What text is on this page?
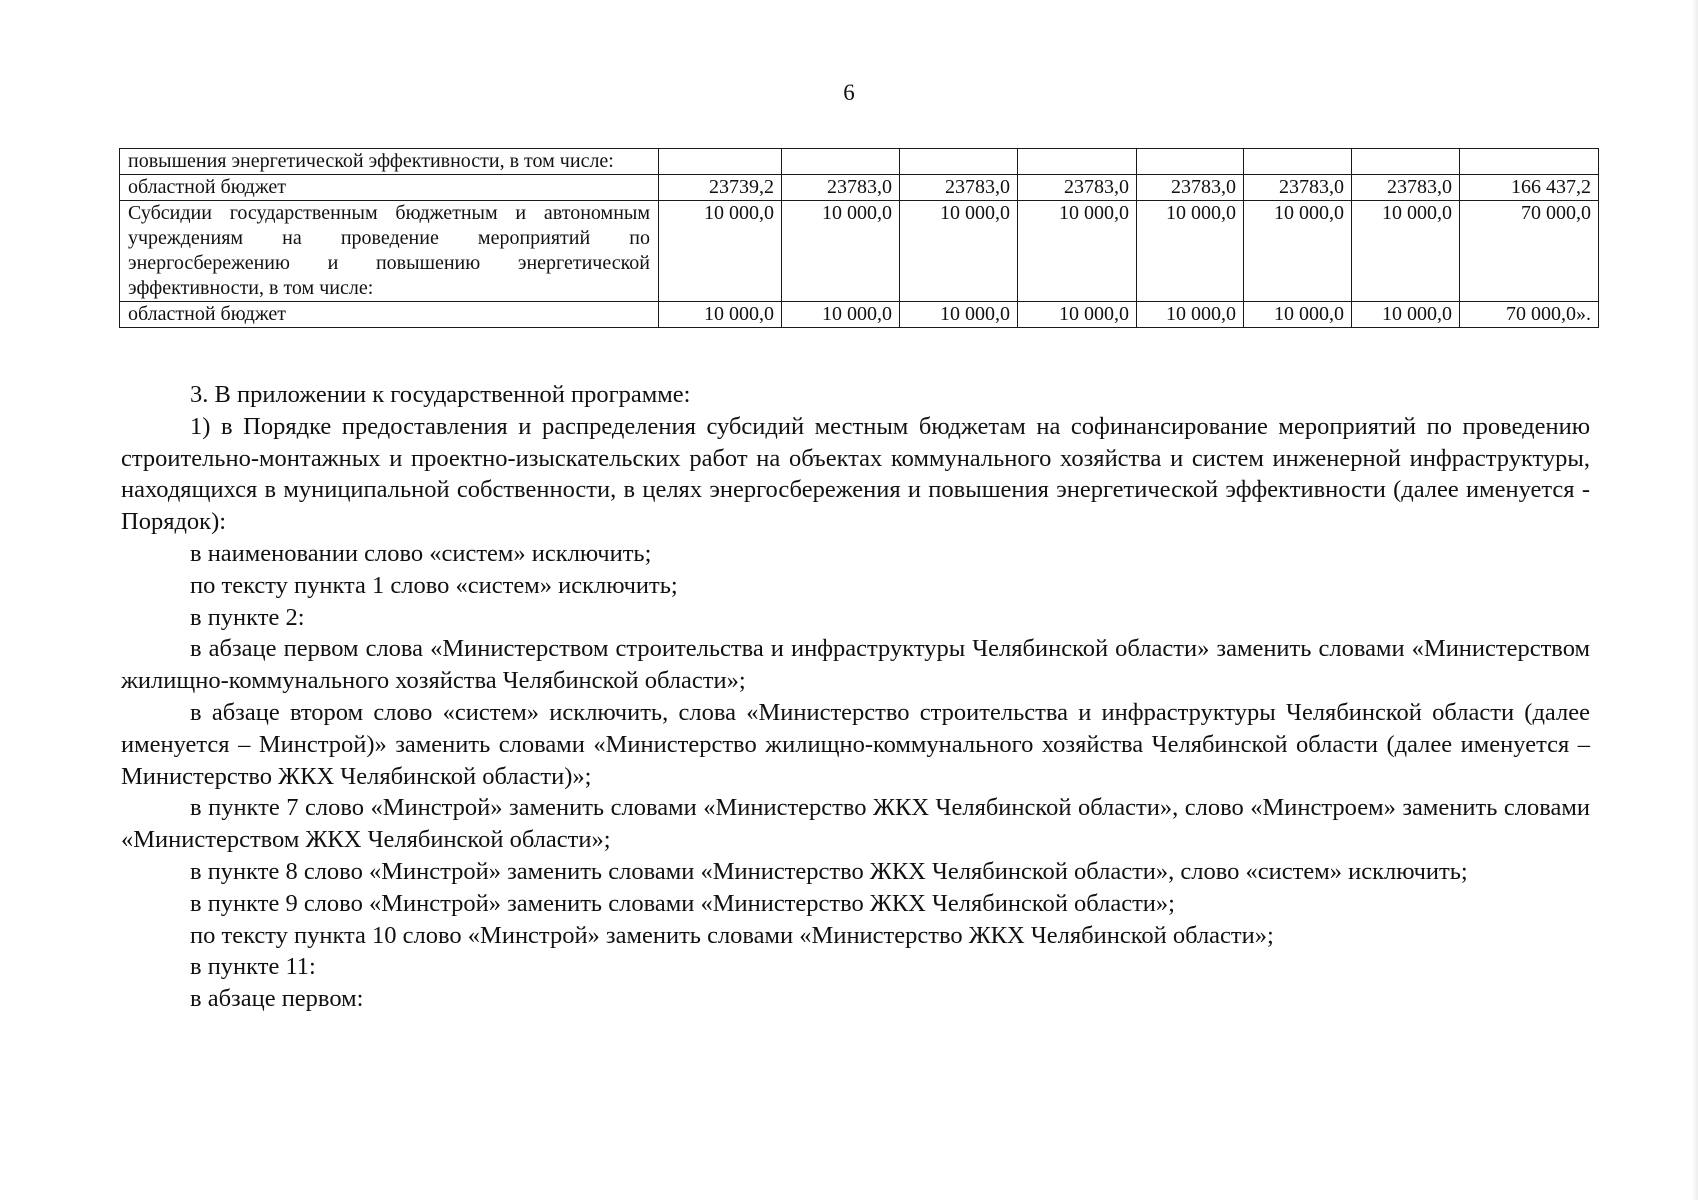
6
повышения энергетической эффективности, в том числе:								
областной бюджет	23739,2	23783,0	23783,0	23783,0	23783,0	23783,0	23783,0	166 437,2
Субсидии государственным бюджетным и автономным учреждениям на проведение мероприятий по энергосбережению и повышению энергетической эффективности, в том числе:	10 000,0	10 000,0	10 000,0	10 000,0	10 000,0	10 000,0	10 000,0	70 000,0
областной бюджет	10 000,0	10 000,0	10 000,0	10 000,0	10 000,0	10 000,0	10 000,0	70 000,0».

3. В приложении к государственной программе:

1) в Порядке предоставления и распределения субсидий местным бюджетам на софинансирование мероприятий по проведению строительно-монтажных и проектно-изыскательских работ на объектах коммунального хозяйства и систем инженерной инфраструктуры, находящихся в муниципальной собственности, в целях энергосбережения и повышения энергетической эффективности (далее именуется - Порядок):

в наименовании слово «систем» исключить;

по тексту пункта 1 слово «систем» исключить;

в пункте 2:

в абзаце первом слова «Министерством строительства и инфраструктуры Челябинской области» заменить словами «Министерством жилищно-коммунального хозяйства Челябинской области»;

в абзаце втором слово «систем» исключить, слова «Министерство строительства и инфраструктуры Челябинской области (далее именуется – Минстрой)» заменить словами «Министерство жилищно-коммунального хозяйства Челябинской области (далее именуется – Министерство ЖКХ Челябинской области)»;

в пункте 7 слово «Минстрой» заменить словами «Министерство ЖКХ Челябинской области», слово «Минстроем» заменить словами «Министерством ЖКХ Челябинской области»;

в пункте 8 слово «Минстрой» заменить словами «Министерство ЖКХ Челябинской области», слово «систем» исключить;

в пункте 9 слово «Минстрой» заменить словами «Министерство ЖКХ Челябинской области»;

по тексту пункта 10 слово «Минстрой» заменить словами «Министерство ЖКХ Челябинской области»;

в пункте 11:

в абзаце первом:
